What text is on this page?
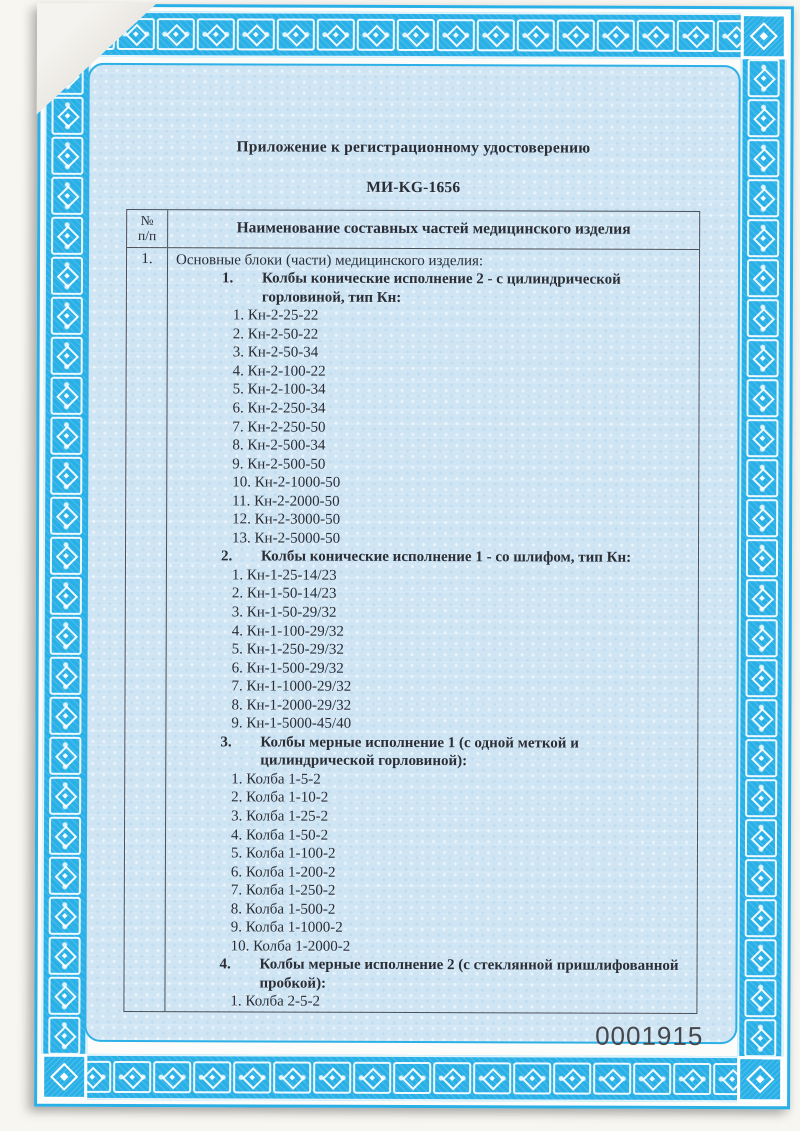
Приложение к регистрационному удостоверению
МИ-KG-1656
№
п/п	Наименование составных частей медицинского изделия
1.	Основные блоки (части) медицинского изделия:
1.	Колбы конические исполнение 2 - с цилиндрической горловиной, тип Кн:
1. Кн-2-25-22
2. Кн-2-50-22
3. Кн-2-50-34
4. Кн-2-100-22
5. Кн-2-100-34
6. Кн-2-250-34
7. Кн-2-250-50
8. Кн-2-500-34
9. Кн-2-500-50
10. Кн-2-1000-50
11. Кн-2-2000-50
12. Кн-2-3000-50
13. Кн-2-5000-50
2.	Колбы конические исполнение 1 - со шлифом, тип Кн:
1. Кн-1-25-14/23
2. Кн-1-50-14/23
3. Кн-1-50-29/32
4. Кн-1-100-29/32
5. Кн-1-250-29/32
6. Кн-1-500-29/32
7. Кн-1-1000-29/32
8. Кн-1-2000-29/32
9. Кн-1-5000-45/40
3.	Колбы мерные исполнение 1 (с одной меткой и цилиндрической горловиной):
1. Колба 1-5-2
2. Колба 1-10-2
3. Колба 1-25-2
4. Колба 1-50-2
5. Колба 1-100-2
6. Колба 1-200-2
7. Колба 1-250-2
8. Колба 1-500-2
9. Колба 1-1000-2
10. Колба 1-2000-2
4.	Колбы мерные исполнение 2 (с стеклянной пришлифованной пробкой):
1. Колба 2-5-2
0001915
